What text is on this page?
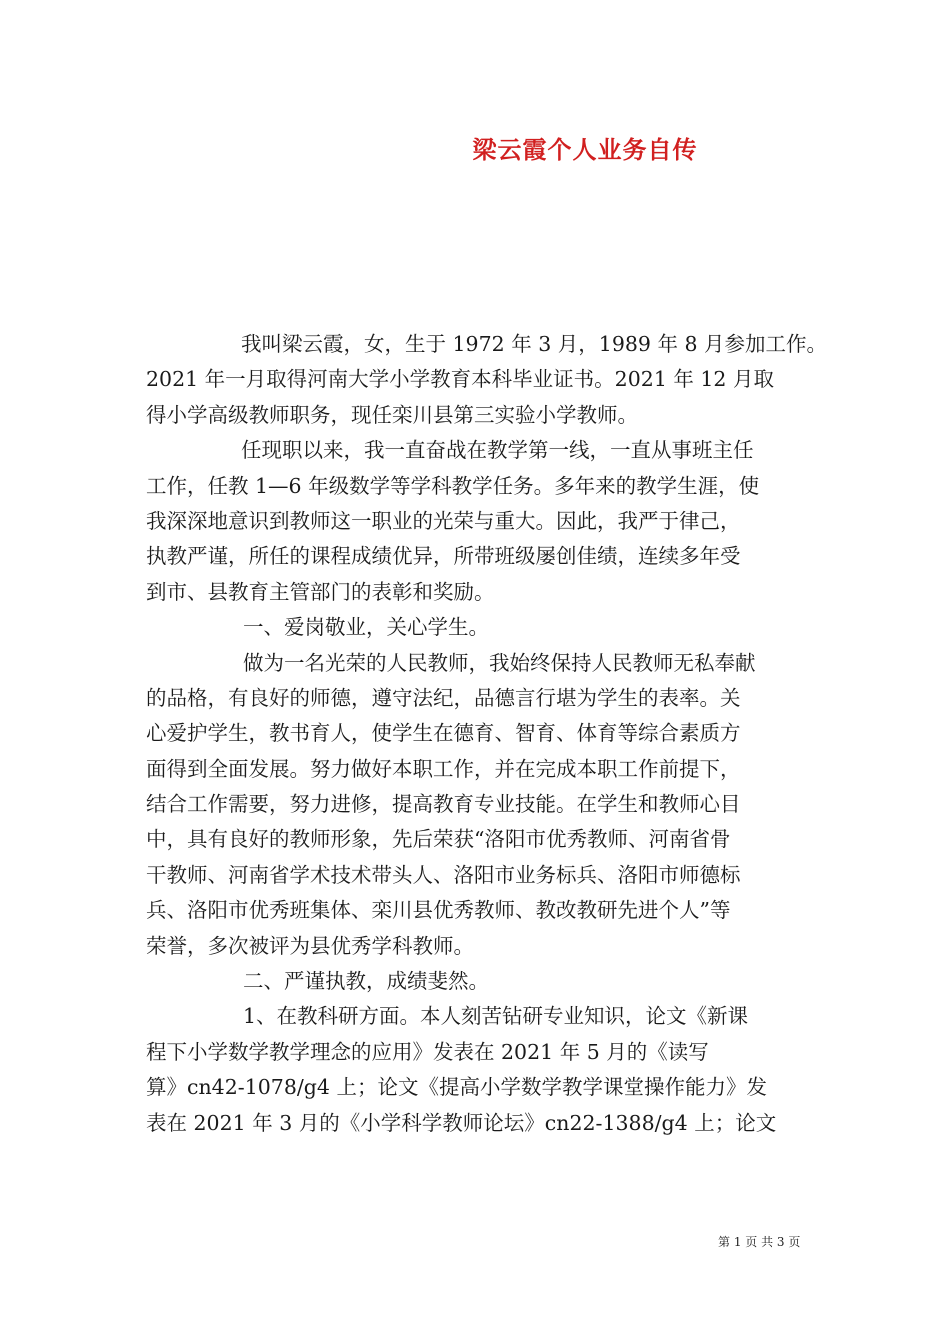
梁云霞个人业务自传
我叫梁云霞，女，生于 1972 年 3 月，1989 年 8 月参加工作。
2021 年一月取得河南大学小学教育本科毕业证书。2021 年 12 月取
得小学高级教师职务，现任栾川县第三实验小学教师。
任现职以来，我一直奋战在教学第一线，一直从事班主任
工作，任教 1—6 年级数学等学科教学任务。多年来的教学生涯，使
我深深地意识到教师这一职业的光荣与重大。因此，我严于律己，
执教严谨，所任的课程成绩优异，所带班级屡创佳绩，连续多年受
到市、县教育主管部门的表彰和奖励。
一、爱岗敬业，关心学生。
做为一名光荣的人民教师，我始终保持人民教师无私奉献
的品格，有良好的师德，遵守法纪，品德言行堪为学生的表率。关
心爱护学生，教书育人，使学生在德育、智育、体育等综合素质方
面得到全面发展。努力做好本职工作，并在完成本职工作前提下，
结合工作需要，努力进修，提高教育专业技能。在学生和教师心目
中，具有良好的教师形象，先后荣获“洛阳市优秀教师、河南省骨
干教师、河南省学术技术带头人、洛阳市业务标兵、洛阳市师德标
兵、洛阳市优秀班集体、栾川县优秀教师、教改教研先进个人”等
荣誉，多次被评为县优秀学科教师。
二、严谨执教，成绩斐然。
1、在教科研方面。本人刻苦钻研专业知识，论文《新课
程下小学数学教学理念的应用》发表在 2021 年 5 月的《读写
算》cn42-1078/g4 上；论文《提高小学数学教学课堂操作能力》发
表在 2021 年 3 月的《小学科学教师论坛》cn22-1388/g4 上；论文
第 1 页 共 3 页
